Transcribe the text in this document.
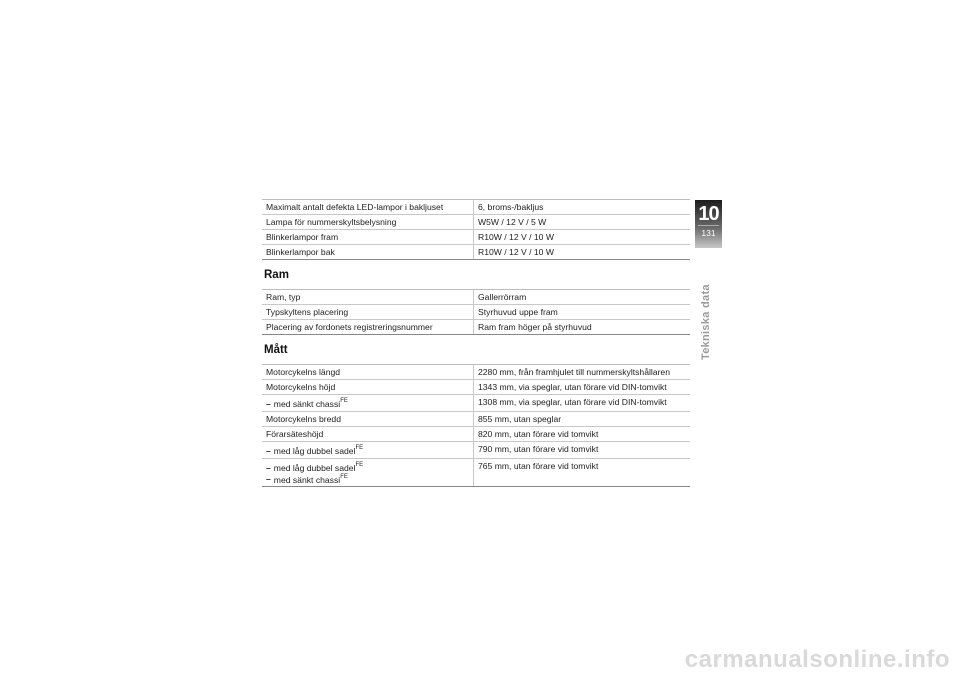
Maximalt antalt defekta LED-lampor i bakljuset	6, broms-/bakljus
Lampa för nummerskyltsbelysning	W5W / 12 V / 5 W
Blinkerlampor fram	R10W / 12 V / 10 W
Blinkerlampor bak	R10W / 12 V / 10 W
Ram
Ram, typ	Gallerrörram
Typskyltens placering	Styrhuvud uppe fram
Placering av fordonets registreringsnummer	Ram fram höger på styrhuvud
Mått
Motorcykelns längd	2280 mm, från framhjulet till nummerskyltshållaren
Motorcykelns höjd	1343 mm, via speglar, utan förare vid DIN-tomvikt
– med sänkt chassi$^{FE}$	1308 mm, via speglar, utan förare vid DIN-tomvikt
Motorcykelns bredd	855 mm, utan speglar
Förarsäteshöjd	820 mm, utan förare vid tomvikt
– med låg dubbel sadel$^{FE}$	790 mm, utan förare vid tomvikt

– med låg dubbel sadel$^{FE}$
– med sänkt chassi$^{FE}$	765 mm, utan förare vid tomvikt
10
131
Tekniska data
carmanualsonline.info
